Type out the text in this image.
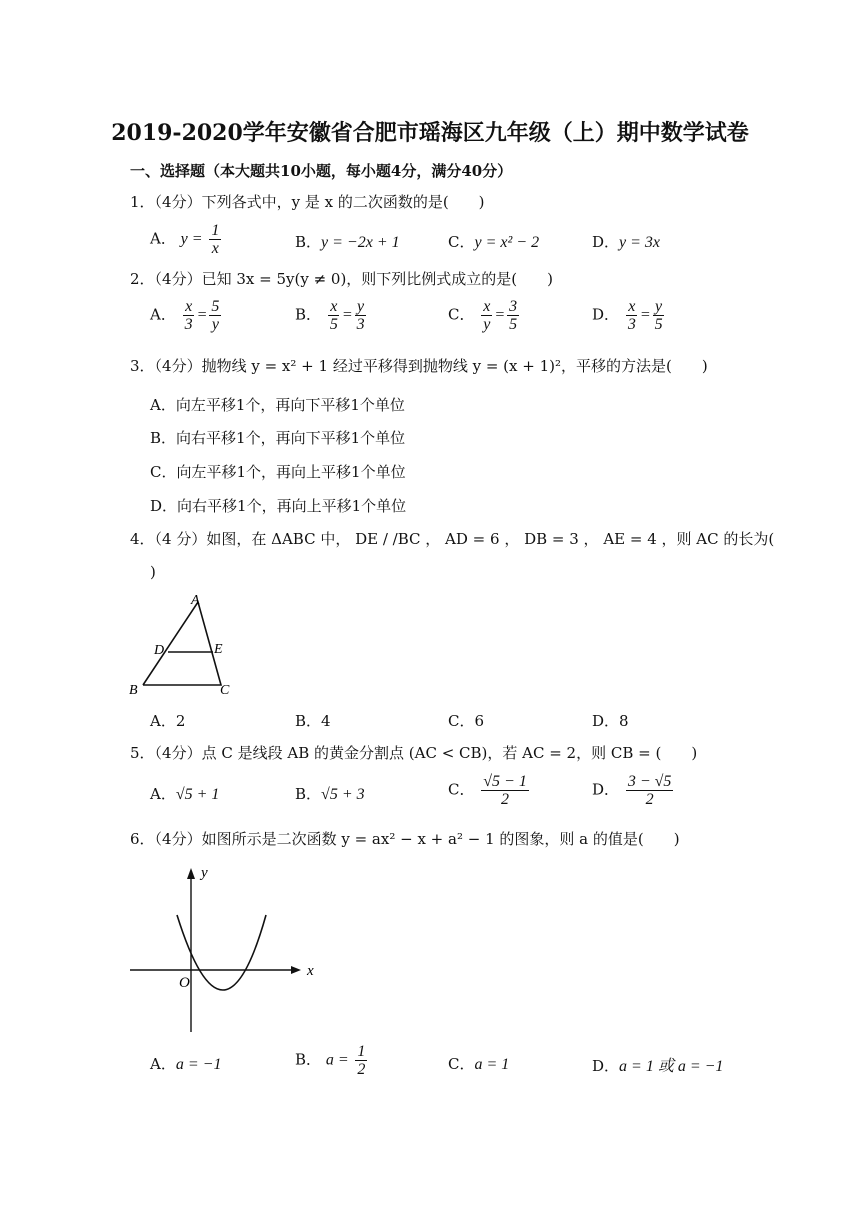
2019-2020学年安徽省合肥市瑶海区九年级（上）期中数学试卷
一、选择题（本大题共10小题，每小题4分，满分40分）
1．（4分）下列各式中，y 是 x 的二次函数的是(　　)
A． $y = \frac{1}{x}$	B．y = −2x + 1	C．y = x² − 2	D．y = 3x
2．（4分）已知 3x = 5y(y ≠ 0)，则下列比例式成立的是(　　)
A． $\frac{x}{3} = \frac{5}{y}$	B． $\frac{x}{5} = \frac{y}{3}$	C． $\frac{x}{y} = \frac{3}{5}$	D． $\frac{x}{3} = \frac{y}{5}$
3．（4分）抛物线 y = x² + 1 经过平移得到抛物线 y = (x + 1)²，平移的方法是(　　)
A．向左平移1个，再向下平移1个单位
B．向右平移1个，再向下平移1个单位
C．向左平移1个，再向上平移1个单位
D．向右平移1个，再向上平移1个单位
4．（4 分）如图，在 ΔABC 中， DE / /BC ， AD = 6 ， DB = 3 ， AE = 4 ，则 AC 的长为(
)
A
D	E
B	C
A．2	B．4	C．6	D．8
5．（4分）点 C 是线段 AB 的黄金分割点 (AC < CB)，若 AC = 2，则 CB = (　　)
A．√5 + 1	B．√5 + 3	C． $\frac{√5 - 1}{2}$	D． $\frac{3 - √5}{2}$
6．（4分）如图所示是二次函数 y = ax² − x + a² − 1 的图象，则 a 的值是(　　)
y
x
O
A．a = −1	B． $a = \frac{1}{2}$	C．a = 1	D．a = 1 或 a = −1
